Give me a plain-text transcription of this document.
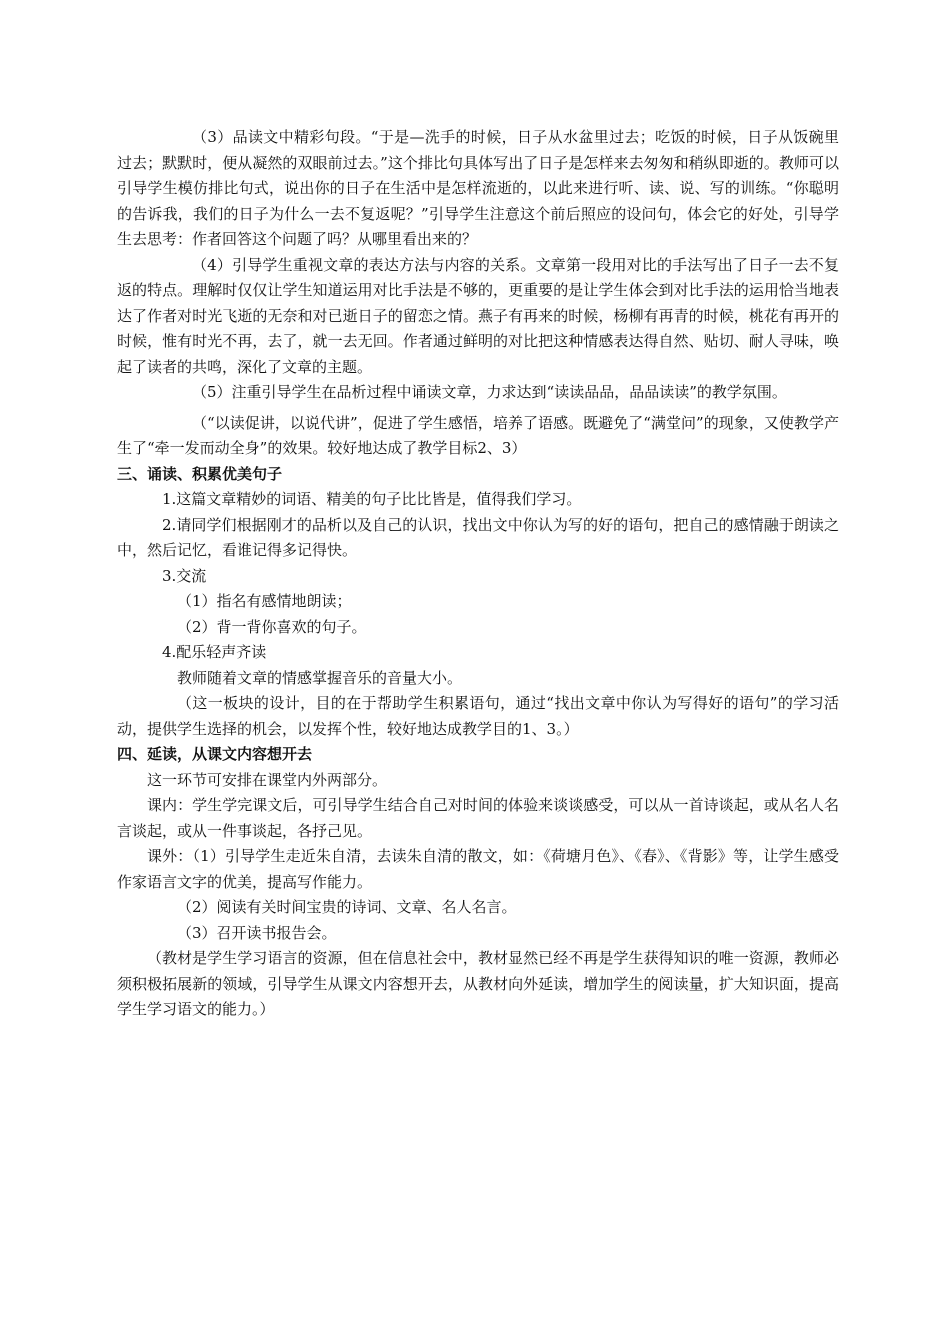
（3）品读文中精彩句段。“于是—洗手的时候，日子从水盆里过去；吃饭的时候，日子从饭碗里过去；默默时，便从凝然的双眼前过去。”这个排比句具体写出了日子是怎样来去匆匆和稍纵即逝的。教师可以引导学生模仿排比句式，说出你的日子在生活中是怎样流逝的，以此来进行听、读、说、写的训练。“你聪明的告诉我，我们的日子为什么一去不复返呢？”引导学生注意这个前后照应的设问句，体会它的好处，引导学生去思考：作者回答这个问题了吗？从哪里看出来的？

（4）引导学生重视文章的表达方法与内容的关系。文章第一段用对比的手法写出了日子一去不复返的特点。理解时仅仅让学生知道运用对比手法是不够的，更重要的是让学生体会到对比手法的运用恰当地表达了作者对时光飞逝的无奈和对已逝日子的留恋之情。燕子有再来的时候，杨柳有再青的时候，桃花有再开的时候，惟有时光不再，去了，就一去无回。作者通过鲜明的对比把这种情感表达得自然、贴切、耐人寻味，唤起了读者的共鸣，深化了文章的主题。

（5）注重引导学生在品析过程中诵读文章，力求达到“读读品品，品品读读”的教学氛围。

（“以读促讲，以说代讲”，促进了学生感悟，培养了语感。既避免了“满堂问”的现象，又使教学产生了“牵一发而动全身”的效果。较好地达成了教学目标2、3）

三、诵读、积累优美句子

1.这篇文章精妙的词语、精美的句子比比皆是，值得我们学习。

2.请同学们根据刚才的品析以及自己的认识，找出文中你认为写的好的语句，把自己的感情融于朗读之中，然后记忆，看谁记得多记得快。

3.交流

（1）指名有感情地朗读；

（2）背一背你喜欢的句子。

4.配乐轻声齐读

教师随着文章的情感掌握音乐的音量大小。

（这一板块的设计，目的在于帮助学生积累语句，通过“找出文章中你认为写得好的语句”的学习活动，提供学生选择的机会，以发挥个性，较好地达成教学目的1、3。）

四、延读，从课文内容想开去

这一环节可安排在课堂内外两部分。

课内：学生学完课文后，可引导学生结合自己对时间的体验来谈谈感受，可以从一首诗谈起，或从名人名言谈起，或从一件事谈起，各抒己见。

课外：（1）引导学生走近朱自清，去读朱自清的散文，如：《荷塘月色》、《春》、《背影》等，让学生感受作家语言文字的优美，提高写作能力。

（2）阅读有关时间宝贵的诗词、文章、名人名言。

（3）召开读书报告会。

（教材是学生学习语言的资源，但在信息社会中，教材显然已经不再是学生获得知识的唯一资源，教师必须积极拓展新的领域，引导学生从课文内容想开去，从教材向外延读，增加学生的阅读量，扩大知识面，提高学生学习语文的能力。）
